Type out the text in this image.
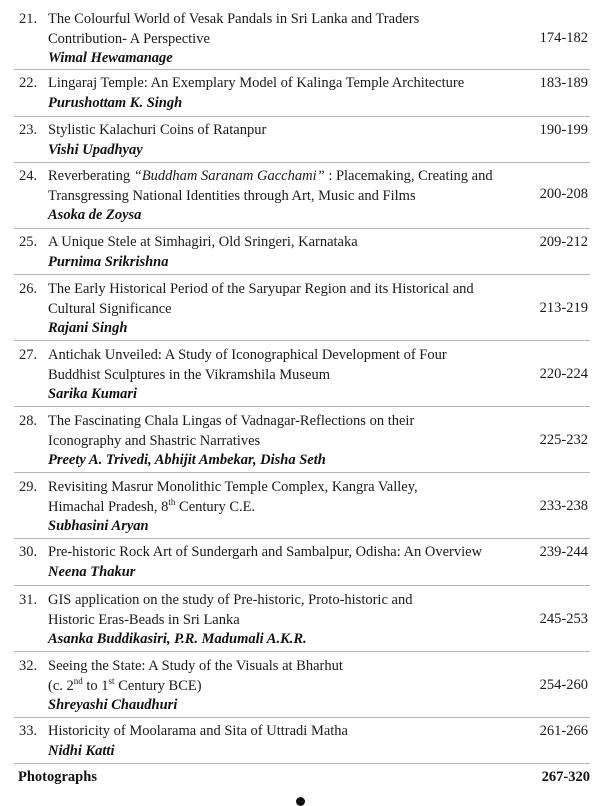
21. The Colourful World of Vesak Pandals in Sri Lanka and Traders
Contribution- A Perspective
Wimal Hewamanage
174-182
22. Lingaraj Temple: An Exemplary Model of Kalinga Temple Architecture
Purushottam K. Singh
183-189
23. Stylistic Kalachuri Coins of Ratanpur
Vishi Upadhyay
190-199
24. Reverberating “Buddham Saranam Gacchami” : Placemaking, Creating and
Transgressing National Identities through Art, Music and Films
Asoka de Zoysa
200-208
25. A Unique Stele at Simhagiri, Old Sringeri, Karnataka
Purnima Srikrishna
209-212
26. The Early Historical Period of the Saryupar Region and its Historical and
Cultural Significance
Rajani Singh
213-219
27. Antichak Unveiled: A Study of Iconographical Development of Four
Buddhist Sculptures in the Vikramshila Museum
Sarika Kumari
220-224
28. The Fascinating Chala Lingas of Vadnagar-Reflections on their
Iconography and Shastric Narratives
Preety A. Trivedi, Abhijit Ambekar, Disha Seth
225-232
29. Revisiting Masrur Monolithic Temple Complex, Kangra Valley,
Himachal Pradesh, 8th Century C.E.
Subhasini Aryan
233-238
30. Pre-historic Rock Art of Sundergarh and Sambalpur, Odisha: An Overview
Neena Thakur
239-244
31. GIS application on the study of Pre-historic, Proto-historic and
Historic Eras-Beads in Sri Lanka
Asanka Buddikasiri, P.R. Madumali A.K.R.
245-253
32. Seeing the State: A Study of the Visuals at Bharhut
(c. 2nd to 1st Century BCE)
Shreyashi Chaudhuri
254-260
33. Historicity of Moolarama and Sita of Uttradi Matha
Nidhi Katti
261-266
Photographs	267-320
